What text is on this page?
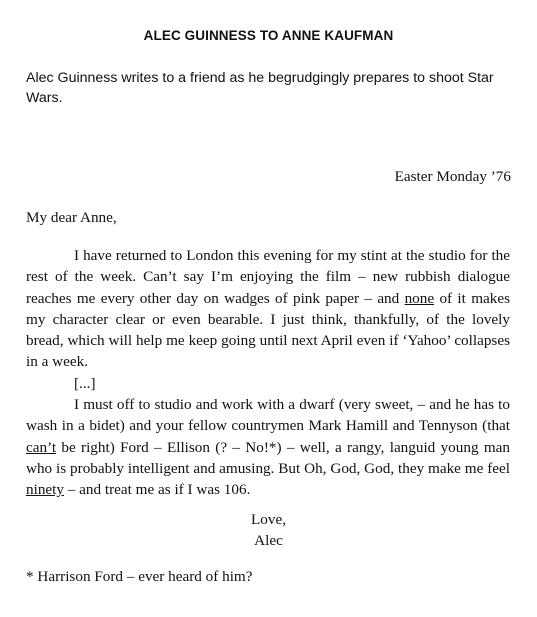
ALEC GUINNESS TO ANNE KAUFMAN
Alec Guinness writes to a friend as he begrudgingly prepares to shoot Star Wars.
Easter Monday ’76
My dear Anne,

I have returned to London this evening for my stint at the studio for the rest of the week. Can’t say I’m enjoying the film – new rubbish dialogue reaches me every other day on wadges of pink paper – and none of it makes my character clear or even bearable. I just think, thankfully, of the lovely bread, which will help me keep going until next April even if ‘Yahoo’ collapses in a week.

[...]

I must off to studio and work with a dwarf (very sweet, – and he has to wash in a bidet) and your fellow countrymen Mark Hamill and Tennyson (that can’t be right) Ford – Ellison (? – No!*) – well, a rangy, languid young man who is probably intelligent and amusing. But Oh, God, God, they make me feel ninety – and treat me as if I was 106.

Love,
Alec
* Harrison Ford – ever heard of him?
